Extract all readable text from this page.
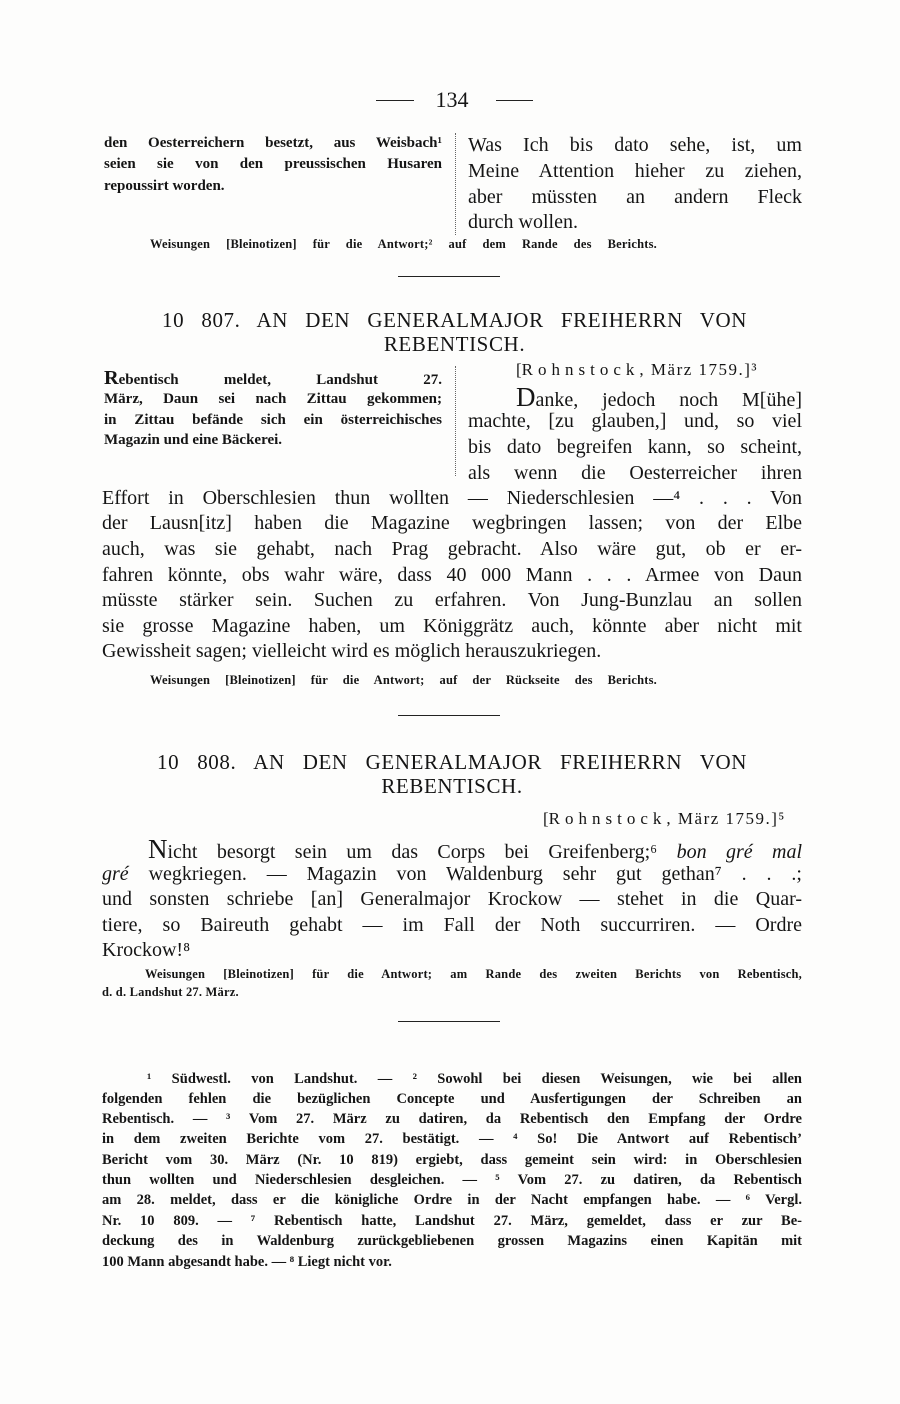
134
den Oesterreichern besetzt, aus Weisbach¹
seien sie von den preussischen Husaren
repoussirt worden.
Was Ich bis dato sehe, ist, um
Meine Attention hieher zu ziehen,
aber müssten an andern Fleck
durch wollen.
Weisungen [Bleinotizen] für die Antwort;² auf dem Rande des Berichts.
10 807. AN DEN GENERALMAJOR FREIHERRN VON
REBENTISCH.
[Rohnstock, März 1759.]³
Rebentisch meldet, Landshut 27.
März, Daun sei nach Zittau gekommen;
in Zittau befände sich ein österreichisches
Magazin und eine Bäckerei.
Danke, jedoch noch M[ühe]
machte, [zu glauben,] und, so viel
bis dato begreifen kann, so scheint,
als wenn die Oesterreicher ihren
Effort in Oberschlesien thun wollten — Niederschlesien —⁴ . . . Von
der Lausn[itz] haben die Magazine wegbringen lassen; von der Elbe
auch, was sie gehabt, nach Prag gebracht. Also wäre gut, ob er er-
fahren könnte, obs wahr wäre, dass 40 000 Mann . . . Armee von Daun
müsste stärker sein. Suchen zu erfahren. Von Jung-Bunzlau an sollen
sie grosse Magazine haben, um Königgrätz auch, könnte aber nicht mit
Gewissheit sagen; vielleicht wird es möglich herauszukriegen.
Weisungen [Bleinotizen] für die Antwort; auf der Rückseite des Berichts.
10 808. AN DEN GENERALMAJOR FREIHERRN VON
REBENTISCH.
[Rohnstock, März 1759.]⁵
Nicht besorgt sein um das Corps bei Greifenberg;⁶ bon gré mal
gré wegkriegen. — Magazin von Waldenburg sehr gut gethan⁷ . . .;
und sonsten schriebe [an] Generalmajor Krockow — stehet in die Quar-
tiere, so Baireuth gehabt — im Fall der Noth succurriren. — Ordre
Krockow!⁸
Weisungen [Bleinotizen] für die Antwort; am Rande des zweiten Berichts von Rebentisch,
d. d. Landshut 27. März.
¹ Südwestl. von Landshut. — ² Sowohl bei diesen Weisungen, wie bei allen
folgenden fehlen die bezüglichen Concepte und Ausfertigungen der Schreiben an
Rebentisch. — ³ Vom 27. März zu datiren, da Rebentisch den Empfang der Ordre
in dem zweiten Berichte vom 27. bestätigt. — ⁴ So! Die Antwort auf Rebentisch’
Bericht vom 30. März (Nr. 10 819) ergiebt, dass gemeint sein wird: in Oberschlesien
thun wollten und Niederschlesien desgleichen. — ⁵ Vom 27. zu datiren, da Rebentisch
am 28. meldet, dass er die königliche Ordre in der Nacht empfangen habe. — ⁶ Vergl.
Nr. 10 809. — ⁷ Rebentisch hatte, Landshut 27. März, gemeldet, dass er zur Be-
deckung des in Waldenburg zurückgebliebenen grossen Magazins einen Kapitän mit
100 Mann abgesandt habe. — ⁸ Liegt nicht vor.
